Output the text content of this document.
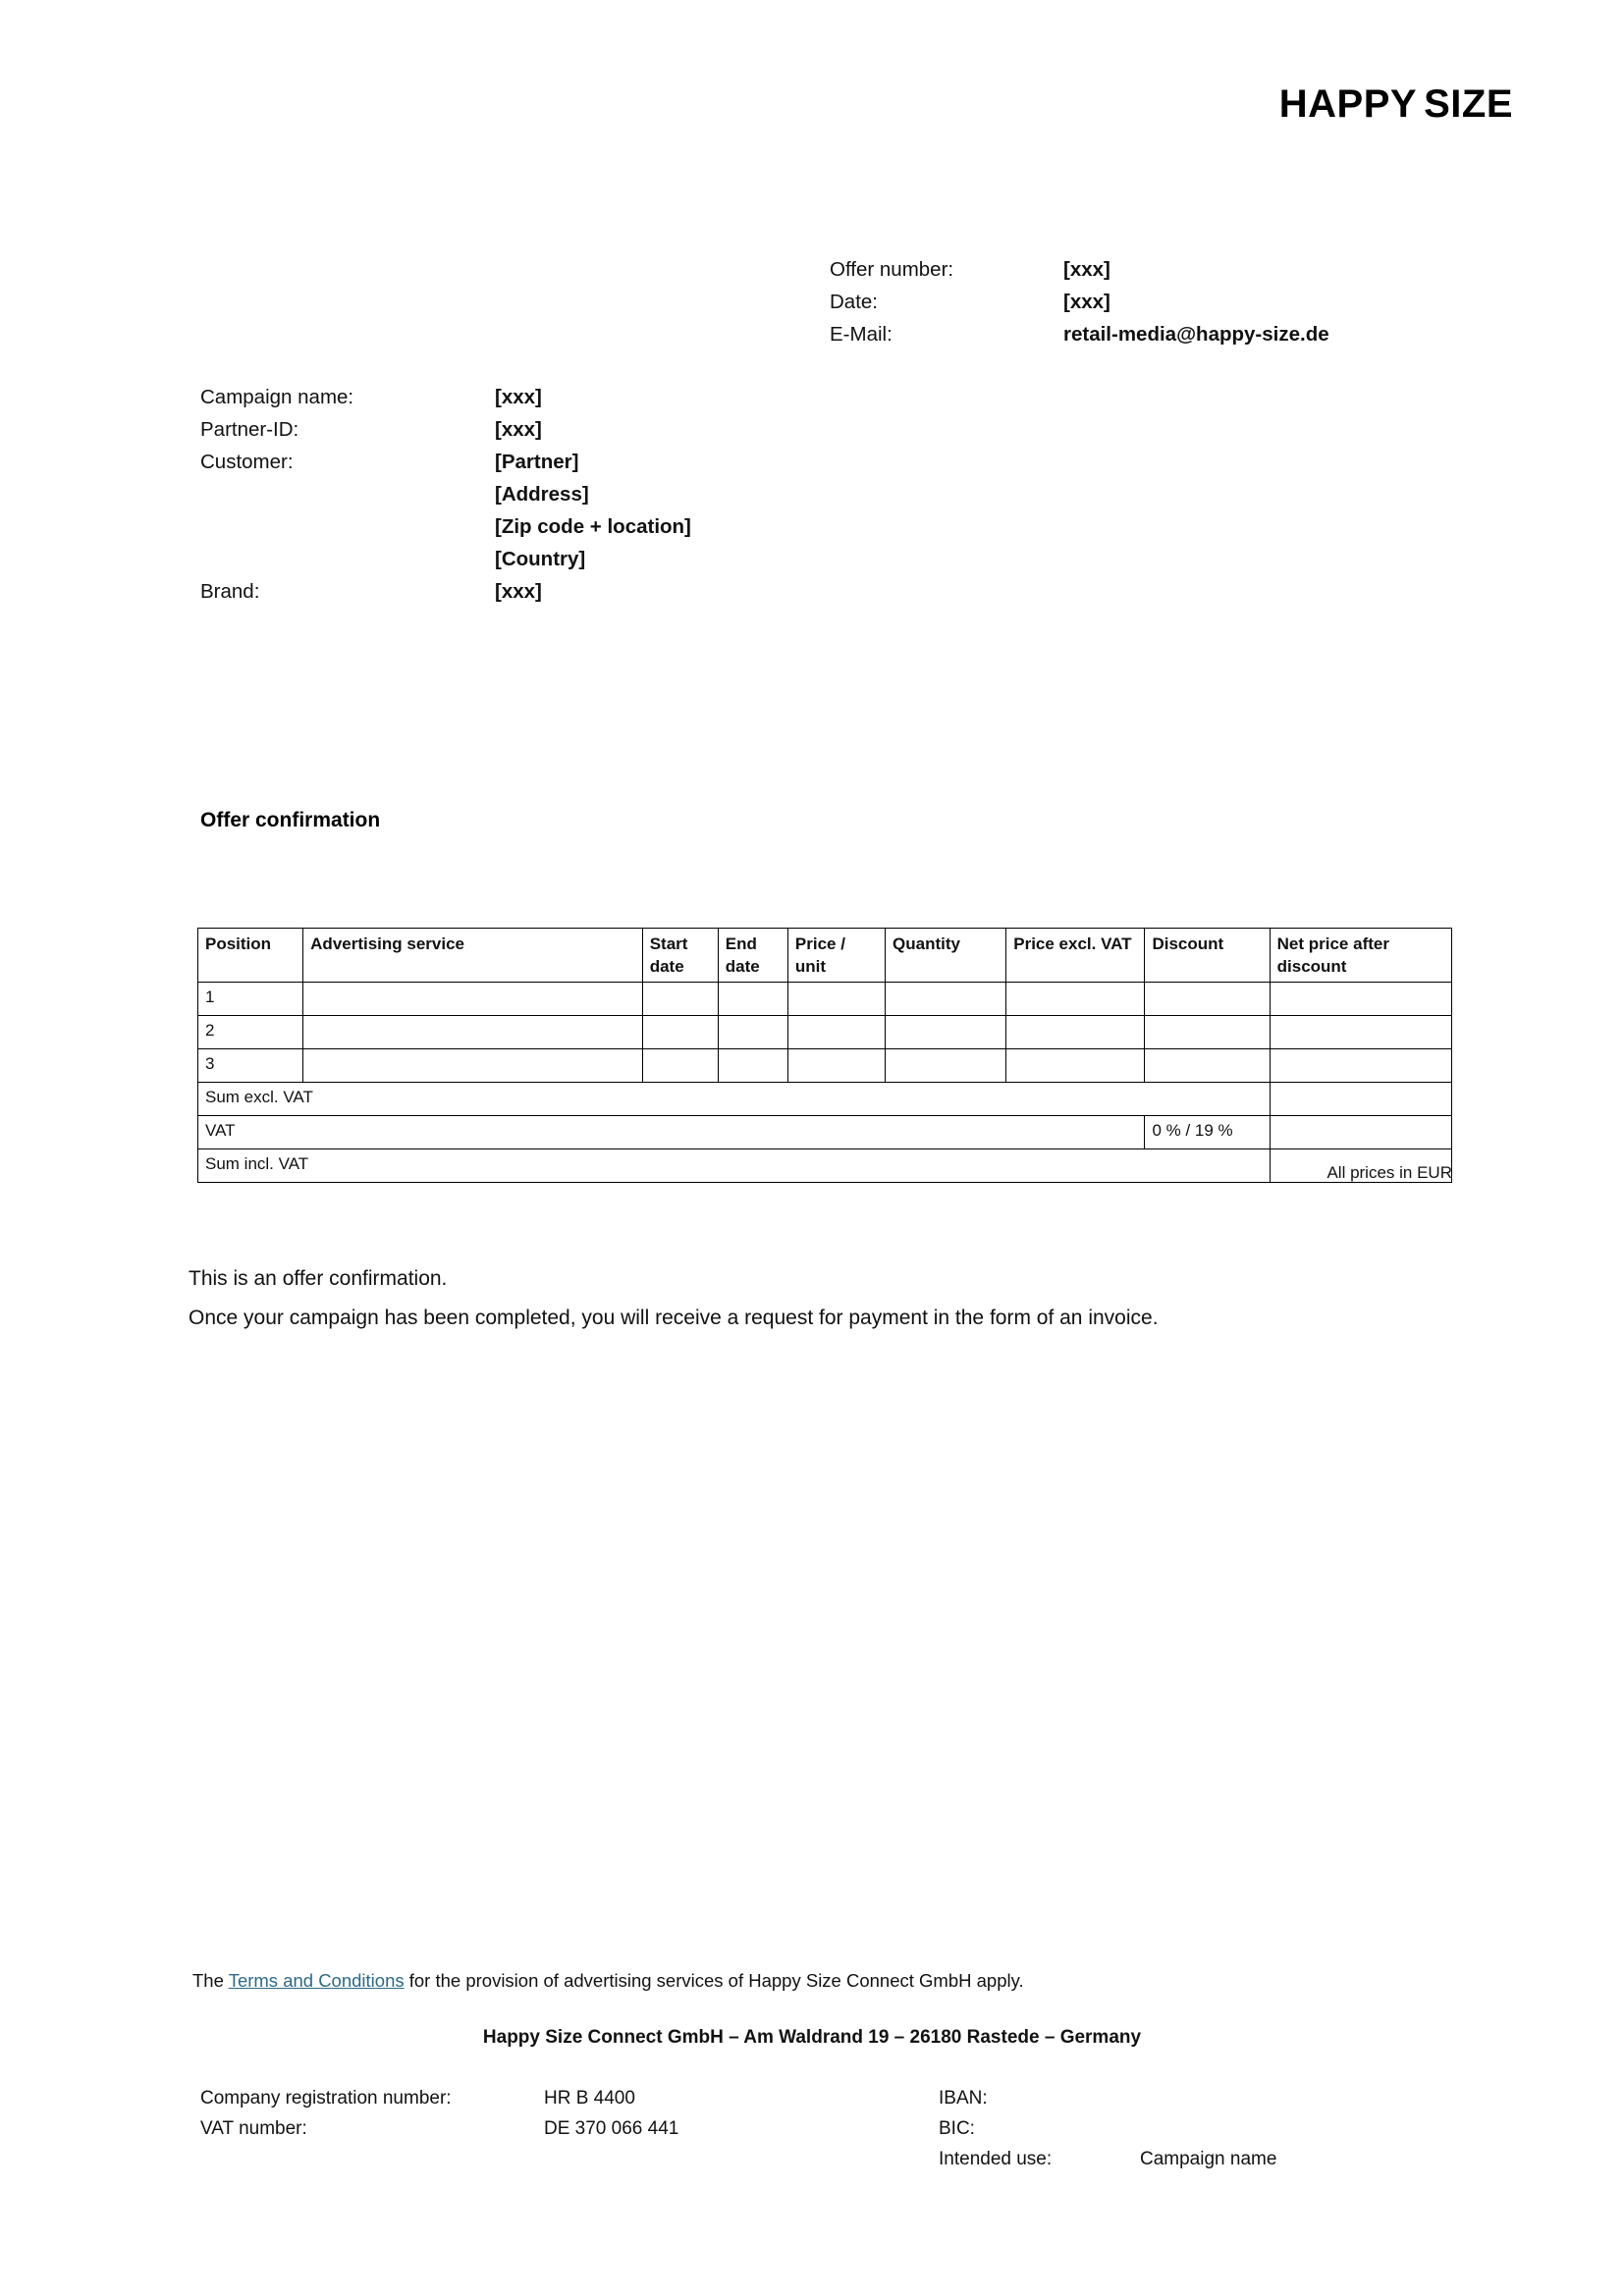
HAPPY SIZE
Offer number:	[xxx]
Date:	[xxx]
E-Mail:	retail-media@happy-size.de
Campaign name:	[xxx]
Partner-ID:	[xxx]
Customer:	[Partner]
[Address]
[Zip code + location]
[Country]
Brand:	[xxx]
Offer confirmation
Position	Advertising service	Start date	End date	Price / unit	Quantity	Price excl. VAT	Discount	Net price after discount
1								
2								
3								
Sum excl. VAT								
VAT							0 % / 19 %	
Sum incl. VAT									All prices in EUR
This is an offer confirmation.
Once your campaign has been completed, you will receive a request for payment in the form of an invoice.
The Terms and Conditions for the provision of advertising services of Happy Size Connect GmbH apply.
Happy Size Connect GmbH – Am Waldrand 19 – 26180 Rastede – Germany
Company registration number:	HR B 4400
VAT number:	DE 370 066 441
IBAN:
BIC:
Intended use:	Campaign name
